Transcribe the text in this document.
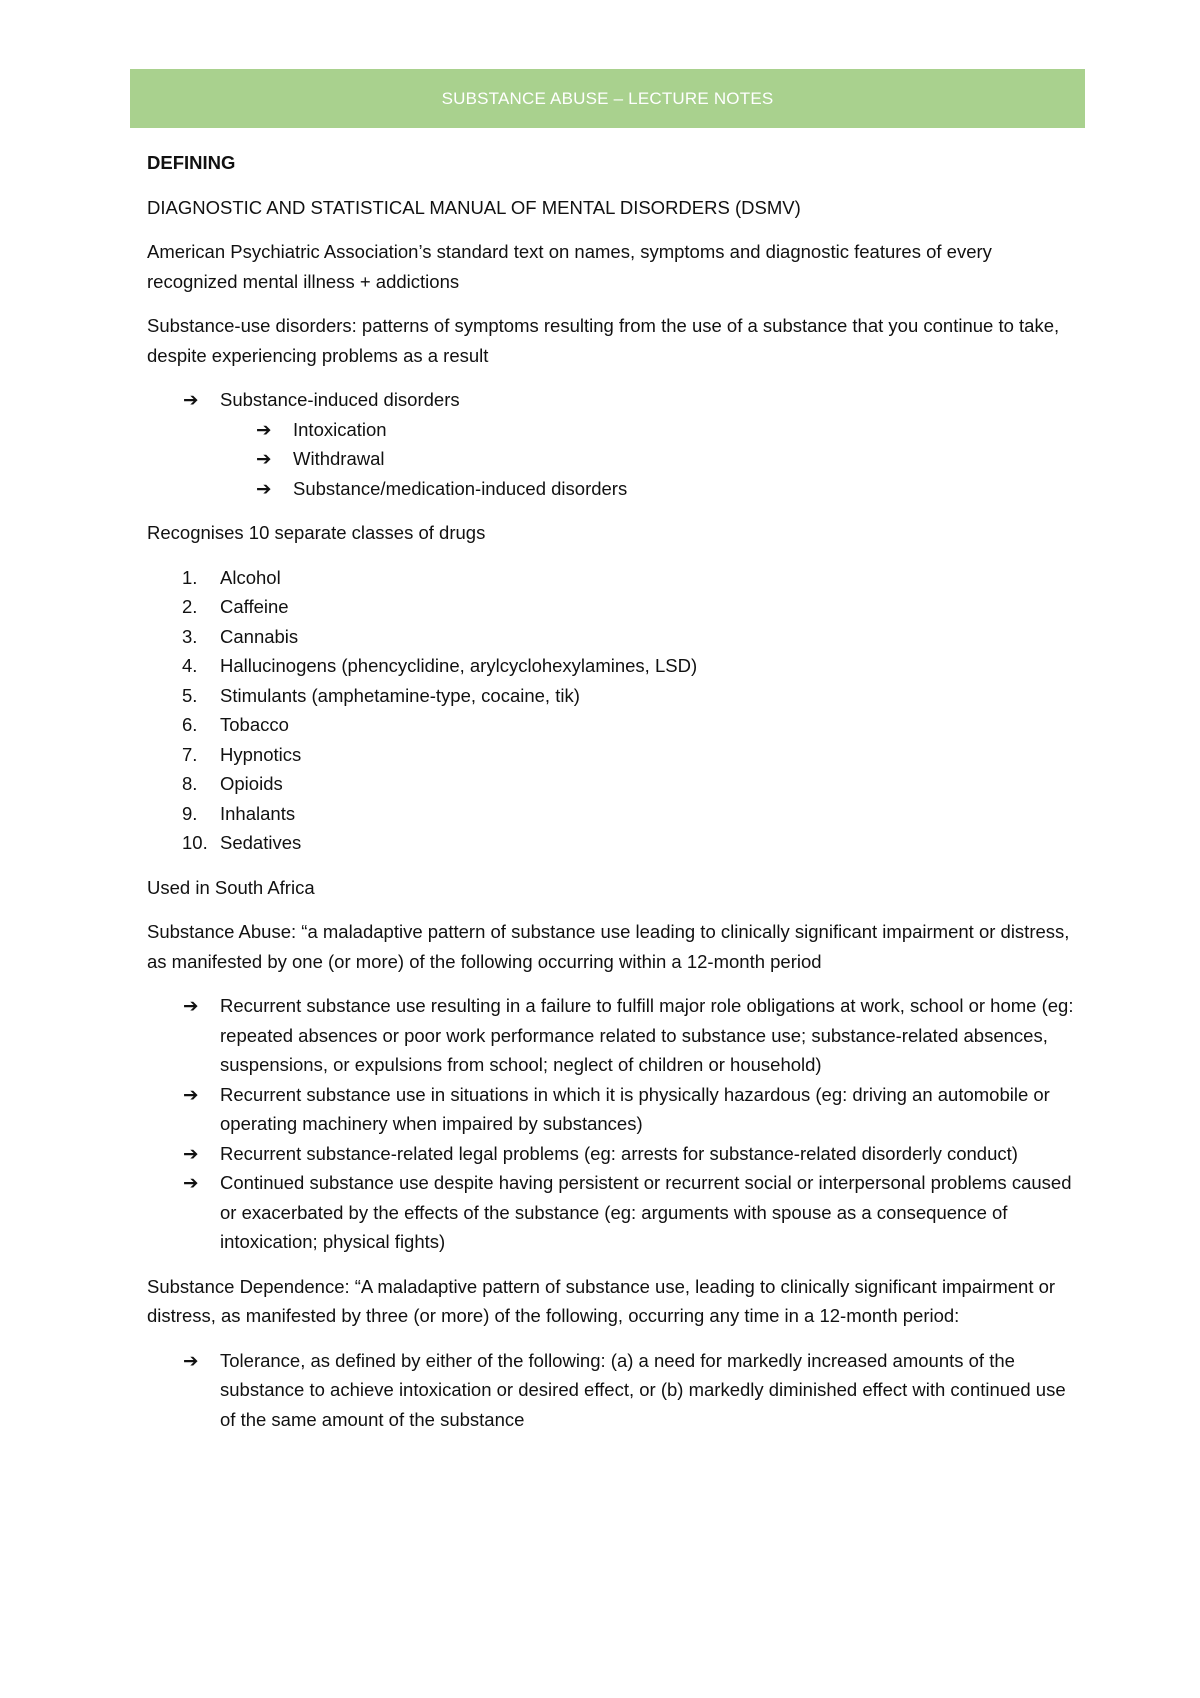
SUBSTANCE ABUSE – LECTURE NOTES
DEFINING

DIAGNOSTIC AND STATISTICAL MANUAL OF MENTAL DISORDERS (DSMV)

American Psychiatric Association’s standard text on names, symptoms and diagnostic features of every recognized mental illness + addictions

Substance-use disorders: patterns of symptoms resulting from the use of a substance that you continue to take, despite experiencing problems as a result

➔ Substance-induced disorders
➔ Intoxication
➔ Withdrawal
➔ Substance/medication-induced disorders

Recognises 10 separate classes of drugs

1.	Alcohol
2.	Caffeine
3.	Cannabis
4.	Hallucinogens (phencyclidine, arylcyclohexylamines, LSD)
5.	Stimulants (amphetamine-type, cocaine, tik)
6.	Tobacco
7.	Hypnotics
8.	Opioids
9.	Inhalants
10. Sedatives

Used in South Africa

Substance Abuse: “a maladaptive pattern of substance use leading to clinically significant impairment or distress, as manifested by one (or more) of the following occurring within a 12-month period

➔ Recurrent substance use resulting in a failure to fulfill major role obligations at work, school or home (eg: repeated absences or poor work performance related to substance use; substance-related absences, suspensions, or expulsions from school; neglect of children or household)
➔ Recurrent substance use in situations in which it is physically hazardous (eg: driving an automobile or operating machinery when impaired by substances)
➔ Recurrent substance-related legal problems (eg: arrests for substance-related disorderly conduct)
➔ Continued substance use despite having persistent or recurrent social or interpersonal problems caused or exacerbated by the effects of the substance (eg: arguments with spouse as a consequence of intoxication; physical fights)

Substance Dependence: “A maladaptive pattern of substance use, leading to clinically significant impairment or distress, as manifested by three (or more) of the following, occurring any time in a 12-month period:

➔ Tolerance, as defined by either of the following: (a) a need for markedly increased amounts of the substance to achieve intoxication or desired effect, or (b) markedly diminished effect with continued use of the same amount of the substance
